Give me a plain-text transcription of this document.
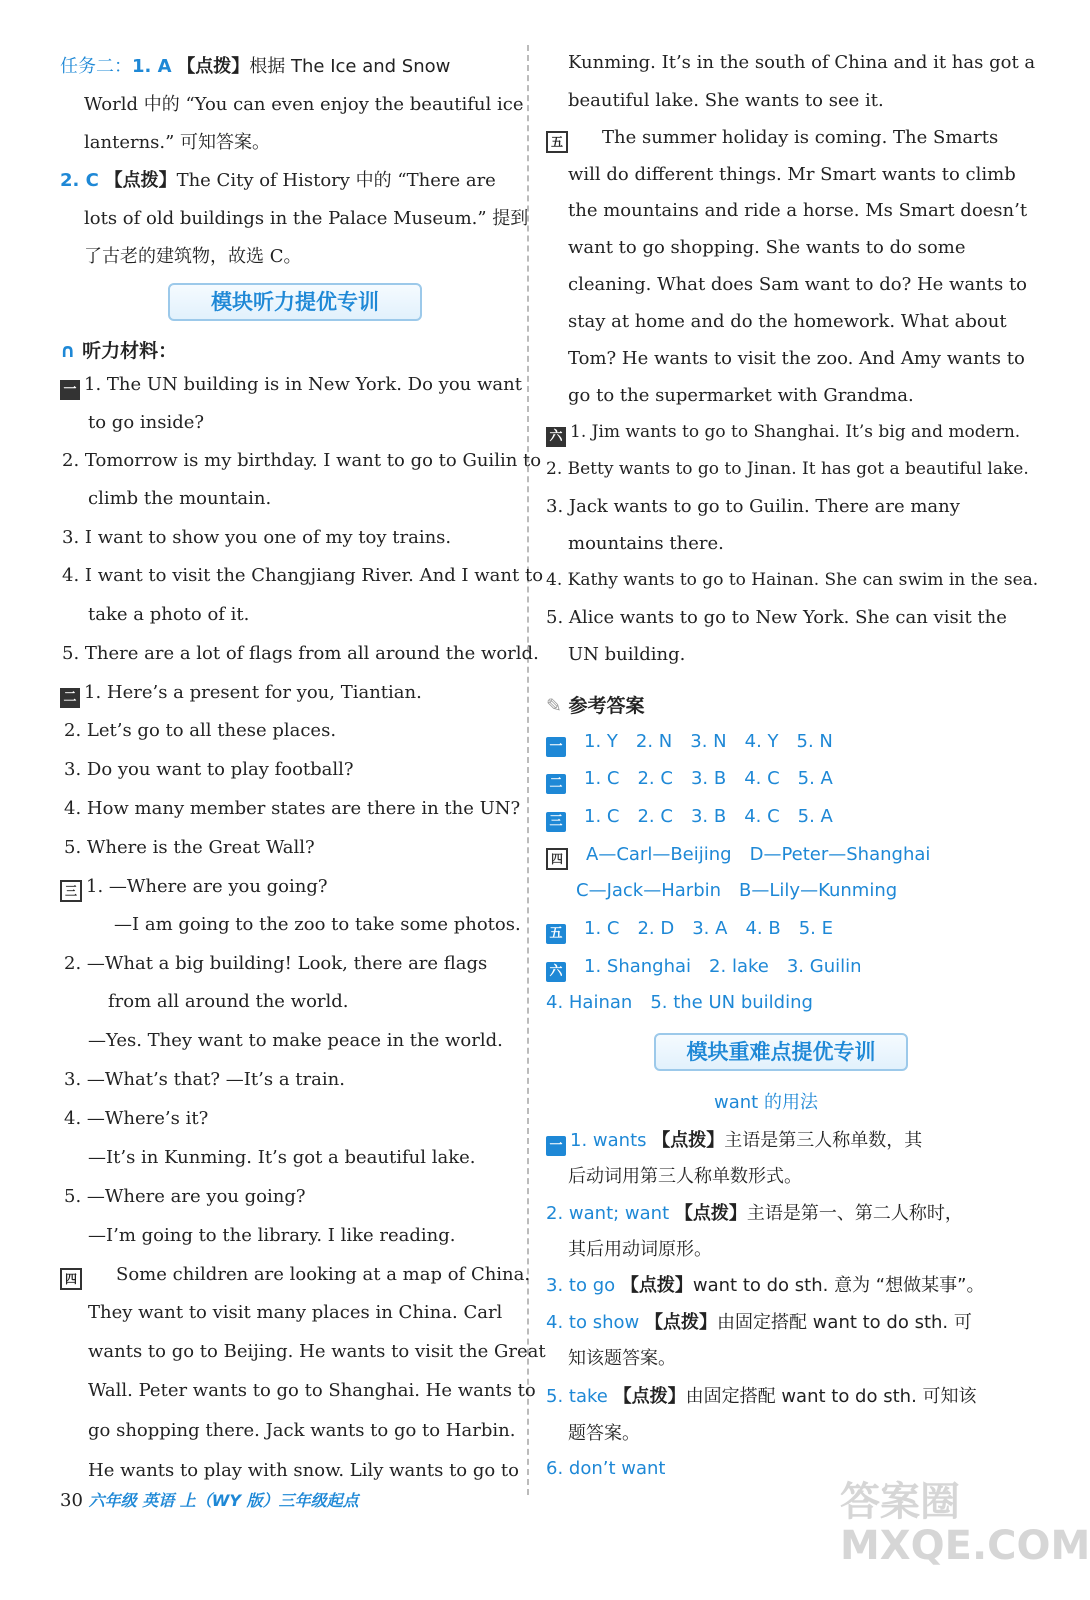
任务二：1. A 【点拨】根据 The Ice and Snow
World 中的 “You can even enjoy the beautiful ice
lanterns.” 可知答案。
2. C 【点拨】The City of History 中的 “There are
lots of old buildings in the Palace Museum.” 提到
了古老的建筑物，故选 C。
模块听力提优专训
∩ 听力材料：
一 1. The UN building is in New York. Do you want
to go inside?
2. Tomorrow is my birthday. I want to go to Guilin to
climb the mountain.
3. I want to show you one of my toy trains.
4. I want to visit the Changjiang River. And I want to
take a photo of it.
5. There are a lot of flags from all around the world.
二 1. Here’s a present for you, Tiantian.
2. Let’s go to all these places.
3. Do you want to play football?
4. How many member states are there in the UN?
5. Where is the Great Wall?
三 1. —Where are you going?
—I am going to the zoo to take some photos.
2. —What a big building! Look, there are flags
from all around the world.
—Yes. They want to make peace in the world.
3. —What’s that? —It’s a train.
4. —Where’s it?
—It’s in Kunming. It’s got a beautiful lake.
5. —Where are you going?
—I’m going to the library. I like reading.
四 Some children are looking at a map of China.
They want to visit many places in China. Carl
wants to go to Beijing. He wants to visit the Great
Wall. Peter wants to go to Shanghai. He wants to
go shopping there. Jack wants to go to Harbin.
He wants to play with snow. Lily wants to go to
Kunming. It’s in the south of China and it has got a
beautiful lake. She wants to see it.
五 The summer holiday is coming. The Smarts
will do different things. Mr Smart wants to climb
the mountains and ride a horse. Ms Smart doesn’t
want to go shopping. She wants to do some
cleaning. What does Sam want to do? He wants to
stay at home and do the homework. What about
Tom? He wants to visit the zoo. And Amy wants to
go to the supermarket with Grandma.
六 1. Jim wants to go to Shanghai. It’s big and modern.
2. Betty wants to go to Jinan. It has got a beautiful lake.
3. Jack wants to go to Guilin. There are many
mountains there.
4. Kathy wants to go to Hainan. She can swim in the sea.
5. Alice wants to go to New York. She can visit the
UN building.
✎ 参考答案
一 1. Y 2. N 3. N 4. Y 5. N
二 1. C 2. C 3. B 4. C 5. A
三 1. C 2. C 3. B 4. C 5. A
四 A—Carl—Beijing D—Peter—Shanghai
C—Jack—Harbin B—Lily—Kunming
五 1. C 2. D 3. A 4. B 5. E
六 1. Shanghai 2. lake 3. Guilin
4. Hainan 5. the UN building
模块重难点提优专训
want 的用法
一 1. wants 【点拨】主语是第三人称单数，其
后动词用第三人称单数形式。
2. want; want 【点拨】主语是第一、第二人称时，
其后用动词原形。
3. to go 【点拨】want to do sth. 意为 “想做某事”。
4. to show 【点拨】由固定搭配 want to do sth. 可
知该题答案。
5. take 【点拨】由固定搭配 want to do sth. 可知该
题答案。
6. don’t want
30 六年级 英语 上（WY 版）三年级起点	答案圈 MXQE.COM
